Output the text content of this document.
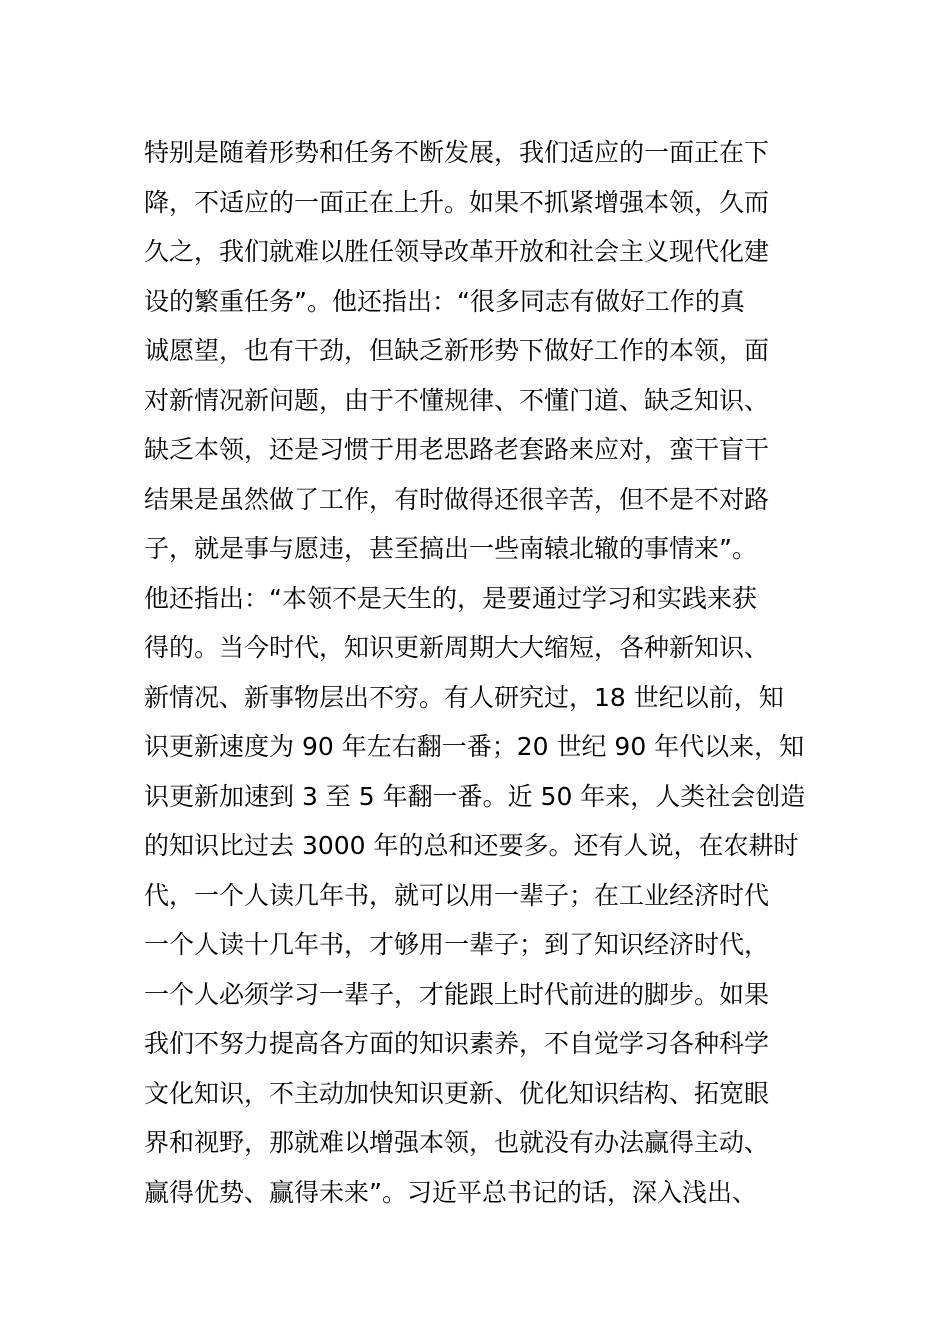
特别是随着形势和任务不断发展，我们适应的一面正在下
降，不适应的一面正在上升。如果不抓紧增强本领，久而
久之，我们就难以胜任领导改革开放和社会主义现代化建
设的繁重任务”。他还指出：“很多同志有做好工作的真
诚愿望，也有干劲，但缺乏新形势下做好工作的本领，面
对新情况新问题，由于不懂规律、不懂门道、缺乏知识、
缺乏本领，还是习惯于用老思路老套路来应对，蛮干盲干
结果是虽然做了工作，有时做得还很辛苦，但不是不对路
子，就是事与愿违，甚至搞出一些南辕北辙的事情来”。
他还指出：“本领不是天生的，是要通过学习和实践来获
得的。当今时代，知识更新周期大大缩短，各种新知识、
新情况、新事物层出不穷。有人研究过，18 世纪以前，知
识更新速度为 90 年左右翻一番；20 世纪 90 年代以来，知
识更新加速到 3 至 5 年翻一番。近 50 年来，人类社会创造
的知识比过去 3000 年的总和还要多。还有人说，在农耕时
代，一个人读几年书，就可以用一辈子；在工业经济时代
一个人读十几年书，才够用一辈子；到了知识经济时代，
一个人必须学习一辈子，才能跟上时代前进的脚步。如果
我们不努力提高各方面的知识素养，不自觉学习各种科学
文化知识，不主动加快知识更新、优化知识结构、拓宽眼
界和视野，那就难以增强本领，也就没有办法赢得主动、
赢得优势、赢得未来”。习近平总书记的话，深入浅出、
